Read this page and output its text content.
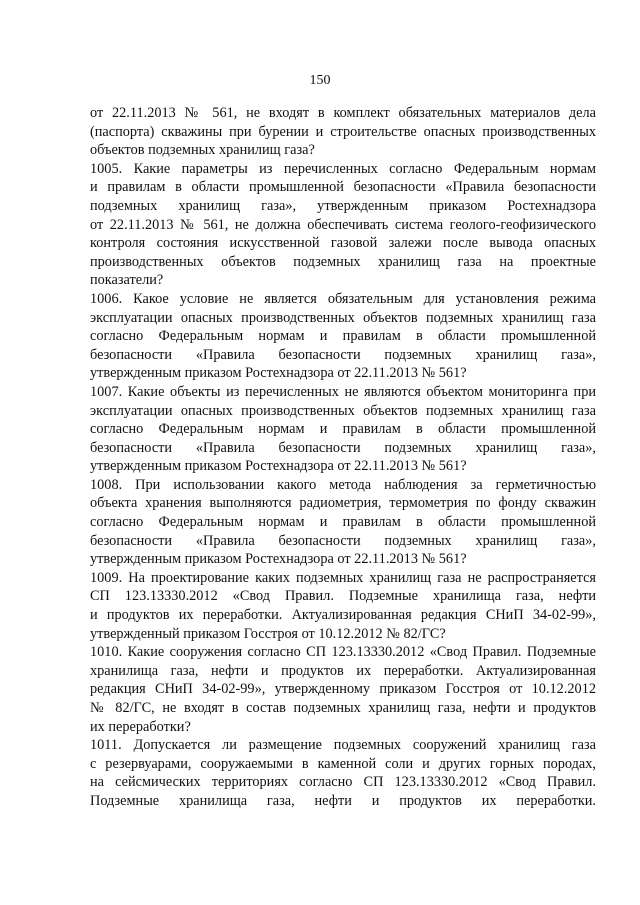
150
от 22.11.2013 № 561, не входят в комплект обязательных материалов дела
(паспорта) скважины при бурении и строительстве опасных производственных
объектов подземных хранилищ газа?
1005. Какие параметры из перечисленных согласно Федеральным нормам
и правилам в области промышленной безопасности «Правила безопасности
подземных хранилищ газа», утвержденным приказом Ростехнадзора
от 22.11.2013 № 561, не должна обеспечивать система геолого-геофизического
контроля состояния искусственной газовой залежи после вывода опасных
производственных объектов подземных хранилищ газа на проектные
показатели?
1006. Какое условие не является обязательным для установления режима
эксплуатации опасных производственных объектов подземных хранилищ газа
согласно Федеральным нормам и правилам в области промышленной
безопасности «Правила безопасности подземных хранилищ газа»,
утвержденным приказом Ростехнадзора от 22.11.2013 № 561?
1007. Какие объекты из перечисленных не являются объектом мониторинга при
эксплуатации опасных производственных объектов подземных хранилищ газа
согласно Федеральным нормам и правилам в области промышленной
безопасности «Правила безопасности подземных хранилищ газа»,
утвержденным приказом Ростехнадзора от 22.11.2013 № 561?
1008. При использовании какого метода наблюдения за герметичностью
объекта хранения выполняются радиометрия, термометрия по фонду скважин
согласно Федеральным нормам и правилам в области промышленной
безопасности «Правила безопасности подземных хранилищ газа»,
утвержденным приказом Ростехнадзора от 22.11.2013 № 561?
1009. На проектирование каких подземных хранилищ газа не распространяется
СП 123.13330.2012 «Свод Правил. Подземные хранилища газа, нефти
и продуктов их переработки. Актуализированная редакция СНиП 34-02-99»,
утвержденный приказом Госстроя от 10.12.2012 № 82/ГС?
1010. Какие сооружения согласно СП 123.13330.2012 «Свод Правил. Подземные
хранилища газа, нефти и продуктов их переработки. Актуализированная
редакция СНиП 34-02-99», утвержденному приказом Госстроя от 10.12.2012
№ 82/ГС, не входят в состав подземных хранилищ газа, нефти и продуктов
их переработки?
1011. Допускается ли размещение подземных сооружений хранилищ газа
с резервуарами, сооружаемыми в каменной соли и других горных породах,
на сейсмических территориях согласно СП 123.13330.2012 «Свод Правил.
Подземные хранилища газа, нефти и продуктов их переработки.
